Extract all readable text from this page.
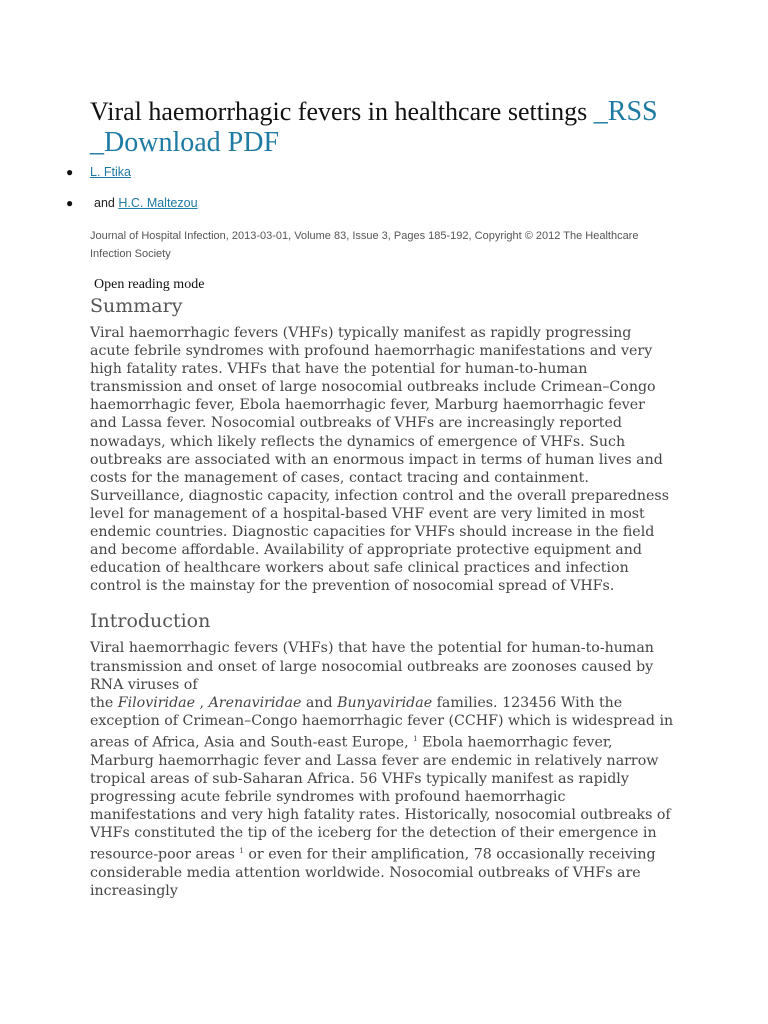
Viral haemorrhagic fevers in healthcare settings _RSS _Download PDF
● L. Ftika
● and H.C. Maltezou

Journal of Hospital Infection, 2013-03-01, Volume 83, Issue 3, Pages 185-192, Copyright © 2012 The Healthcare Infection Society

Open reading mode
Summary

Viral haemorrhagic fevers (VHFs) typically manifest as rapidly progressing acute febrile syndromes with profound haemorrhagic manifestations and very high fatality rates. VHFs that have the potential for human-to-human transmission and onset of large nosocomial outbreaks include Crimean–Congo haemorrhagic fever, Ebola haemorrhagic fever, Marburg haemorrhagic fever and Lassa fever. Nosocomial outbreaks of VHFs are increasingly reported nowadays, which likely reflects the dynamics of emergence of VHFs. Such outbreaks are associated with an enormous impact in terms of human lives and costs for the management of cases, contact tracing and containment. Surveillance, diagnostic capacity, infection control and the overall preparedness level for management of a hospital-based VHF event are very limited in most endemic countries. Diagnostic capacities for VHFs should increase in the field and become affordable. Availability of appropriate protective equipment and education of healthcare workers about safe clinical practices and infection control is the mainstay for the prevention of nosocomial spread of VHFs.

Introduction

Viral haemorrhagic fevers (VHFs) that have the potential for human-to-human transmission and onset of large nosocomial outbreaks are zoonoses caused by RNA viruses of
the Filoviridae , Arenaviridae and Bunyaviridae families. 123456 With the exception of Crimean–Congo haemorrhagic fever (CCHF) which is widespread in areas of Africa, Asia and South-east Europe, $^1$ Ebola haemorrhagic fever, Marburg haemorrhagic fever and Lassa fever are endemic in relatively narrow tropical areas of sub-Saharan Africa. 56 VHFs typically manifest as rapidly progressing acute febrile syndromes with profound haemorrhagic manifestations and very high fatality rates. Historically, nosocomial outbreaks of VHFs constituted the tip of the iceberg for the detection of their emergence in resource-poor areas $^1$ or even for their amplification, 78 occasionally receiving considerable media attention worldwide. Nosocomial outbreaks of VHFs are increasingly
